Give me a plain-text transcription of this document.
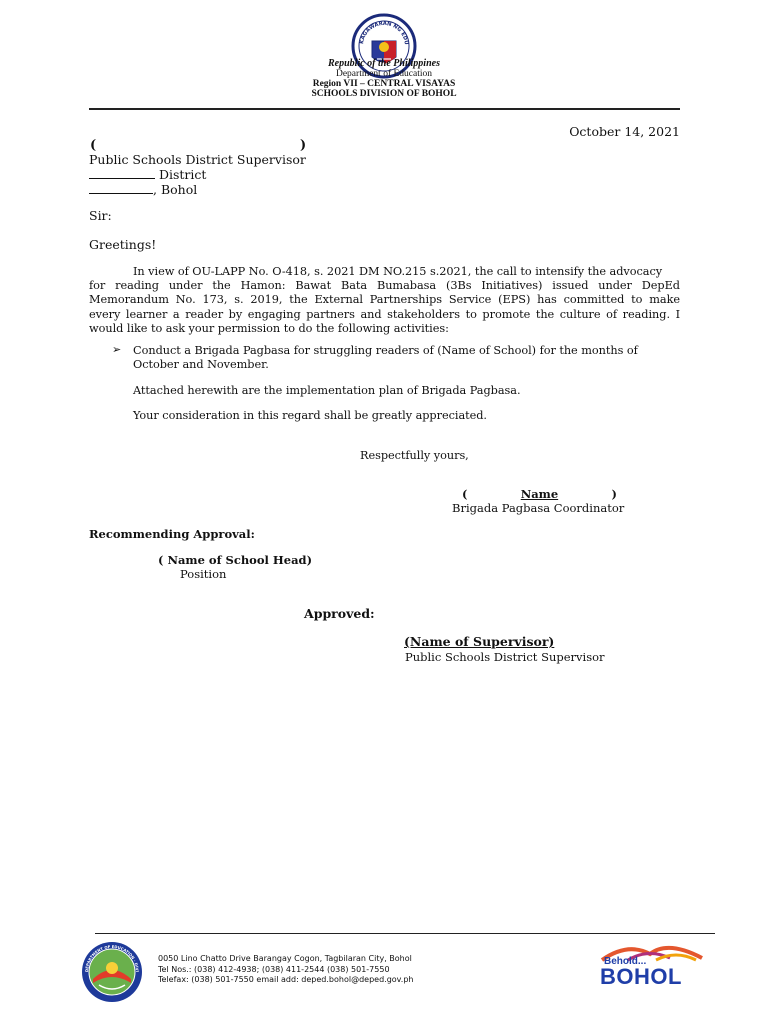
KAGAWARAN NG EDU
Republic of the Philippines
Department of Education
Region VII – CENTRAL VISAYAS
SCHOOLS DIVISION OF BOHOL
October 14, 2021
(	)
Public Schools District Supervisor
District
, Bohol
Sir:
Greetings!
In view of OU-LAPP No. O-418, s. 2021 DM NO.215 s.2021, the call to intensify the advocacy
for reading under the Hamon: Bawat Bata Bumabasa (3Bs Initiatives) issued under DepEd
Memorandum No. 173, s. 2019, the External Partnerships Service (EPS) has committed to make
every learner a reader by engaging partners and stakeholders to promote the culture of reading. I
would like to ask your permission to do the following activities:
➢ Conduct a Brigada Pagbasa for struggling readers of (Name of School) for the months of
October and November.
Attached herewith are the implementation plan of Brigada Pagbasa.
Your consideration in this regard shall be greatly appreciated.
Respectfully yours,
(	Name	)
Brigada Pagbasa Coordinator
Recommending Approval:
( Name of School Head)
Position
Approved:
(Name of Supervisor)
Public Schools District Supervisor
DEPARTMENT OF EDUCATION · DIVI
0050 Lino Chatto Drive Barangay Cogon, Tagbilaran City, Bohol
Tel Nos.: (038) 412-4938; (038) 411-2544 (038) 501-7550
Telefax: (038) 501-7550 email add: deped.bohol@deped.gov.ph
Behold...
BOHOL
